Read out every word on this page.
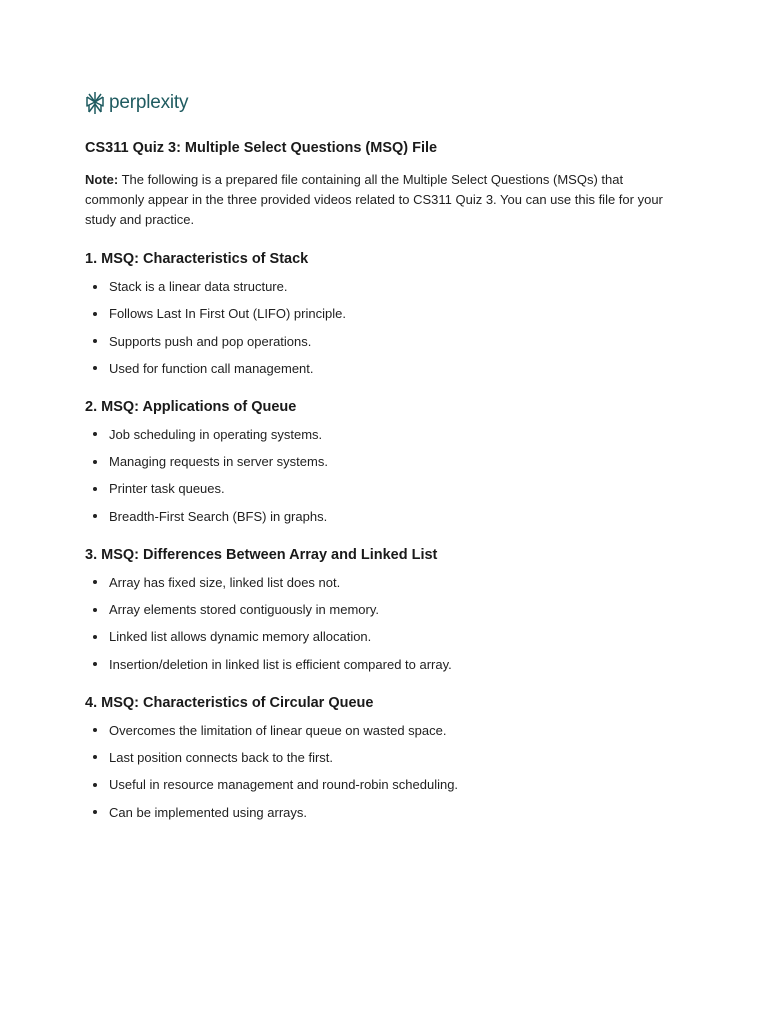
perplexity
CS311 Quiz 3: Multiple Select Questions (MSQ) File

Note: The following is a prepared file containing all the Multiple Select Questions (MSQs) that commonly appear in the three provided videos related to CS311 Quiz 3. You can use this file for your study and practice.

1. MSQ: Characteristics of Stack
Stack is a linear data structure.
Follows Last In First Out (LIFO) principle.
Supports push and pop operations.
Used for function call management.
2. MSQ: Applications of Queue
Job scheduling in operating systems.
Managing requests in server systems.
Printer task queues.
Breadth-First Search (BFS) in graphs.
3. MSQ: Differences Between Array and Linked List
Array has fixed size, linked list does not.
Array elements stored contiguously in memory.
Linked list allows dynamic memory allocation.
Insertion/deletion in linked list is efficient compared to array.
4. MSQ: Characteristics of Circular Queue
Overcomes the limitation of linear queue on wasted space.
Last position connects back to the first.
Useful in resource management and round-robin scheduling.
Can be implemented using arrays.
